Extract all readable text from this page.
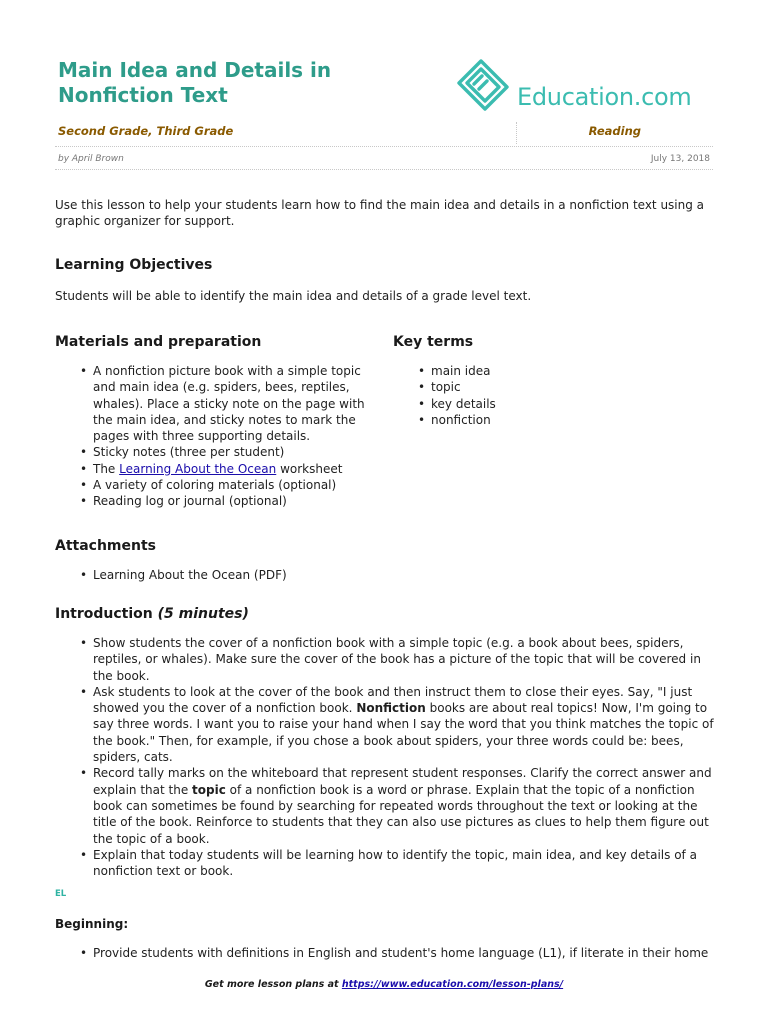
Main Idea and Details in Nonfiction Text	Education.com
Second Grade, Third Grade	Reading
by April Brown	July 13, 2018

Use this lesson to help your students learn how to find the main idea and details in a nonfiction text using a graphic organizer for support.

Learning Objectives

Students will be able to identify the main idea and details of a grade level text.

Materials and preparation
• A nonfiction picture book with a simple topic and main idea (e.g. spiders, bees, reptiles, whales). Place a sticky note on the page with the main idea, and sticky notes to mark the pages with three supporting details.
• Sticky notes (three per student)
• The Learning About the Ocean worksheet
• A variety of coloring materials (optional)
• Reading log or journal (optional)
Key terms
• main idea
• topic
• key details
• nonfiction
Attachments
• Learning About the Ocean (PDF)
Introduction (5 minutes)
• Show students the cover of a nonfiction book with a simple topic (e.g. a book about bees, spiders, reptiles, or whales). Make sure the cover of the book has a picture of the topic that will be covered in the book.
• Ask students to look at the cover of the book and then instruct them to close their eyes. Say, "I just showed you the cover of a nonfiction book. Nonfiction books are about real topics! Now, I'm going to say three words. I want you to raise your hand when I say the word that you think matches the topic of the book." Then, for example, if you chose a book about spiders, your three words could be: bees, spiders, cats.
• Record tally marks on the whiteboard that represent student responses. Clarify the correct answer and explain that the topic of a nonfiction book is a word or phrase. Explain that the topic of a nonfiction book can sometimes be found by searching for repeated words throughout the text or looking at the title of the book. Reinforce to students that they can also use pictures as clues to help them figure out the topic of a book.
• Explain that today students will be learning how to identify the topic, main idea, and key details of a nonfiction text or book.
EL
Beginning:
• Provide students with definitions in English and student's home language (L1), if literate in their home
Get more lesson plans at https://www.education.com/lesson-plans/
